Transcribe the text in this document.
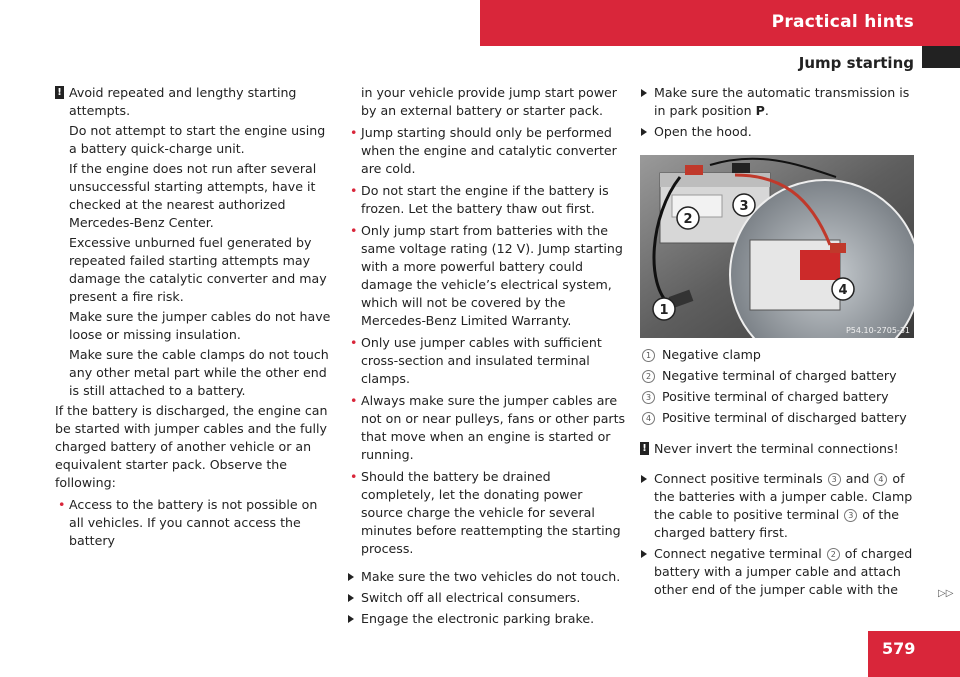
Practical hints
Jump starting

! Avoid repeated and lengthy starting attempts.

Do not attempt to start the engine using a battery quick-charge unit.

If the engine does not run after several unsuccessful starting attempts, have it checked at the nearest authorized Mercedes-Benz Center.

Excessive unburned fuel generated by repeated failed starting attempts may damage the catalytic converter and may present a fire risk.

Make sure the jumper cables do not have loose or missing insulation.

Make sure the cable clamps do not touch any other metal part while the other end is still attached to a battery.

If the battery is discharged, the engine can be started with jumper cables and the fully charged battery of another vehicle or an equivalent starter pack. Observe the following:

• Access to the battery is not possible on all vehicles. If you cannot access the battery

in your vehicle provide jump start power by an external battery or starter pack.

• Jump starting should only be performed when the engine and catalytic converter are cold.

• Do not start the engine if the battery is frozen. Let the battery thaw out first.

• Only jump start from batteries with the same voltage rating (12 V). Jump starting with a more powerful battery could damage the vehicle’s electrical system, which will not be covered by the Mercedes-Benz Limited Warranty.

• Only use jumper cables with sufficient cross-section and insulated terminal clamps.

• Always make sure the jumper cables are not on or near pulleys, fans or other parts that move when an engine is started or running.

• Should the battery be drained completely, let the donating power source charge the vehicle for several minutes before reattempting the starting process.

Make sure the two vehicles do not touch.

Switch off all electrical consumers.

Engage the electronic parking brake.

Make sure the automatic transmission is in park position P.

Open the hood.

1
2
3
4
P54.10-2705-31

1 Negative clamp

2 Negative terminal of charged battery

3 Positive terminal of charged battery

4 Positive terminal of discharged battery

! Never invert the terminal connections!

Connect positive terminals 3 and 4 of the batteries with a jumper cable. Clamp the cable to positive terminal 3 of the charged battery first.

Connect negative terminal 2 of charged battery with a jumper cable and attach other end of the jumper cable with the	▷▷
579
